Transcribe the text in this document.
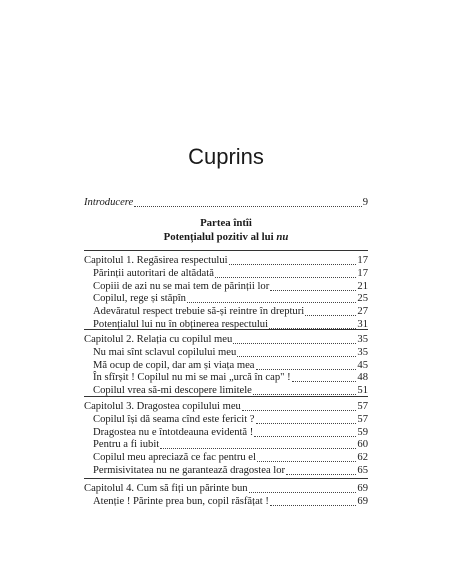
Cuprins
Introducere	9
Partea întîi
Potențialul pozitiv al lui nu
Capitolul 1. Regăsirea respectului	17
Părinții autoritari de altădată	17
Copiii de azi nu se mai tem de părinții lor	21
Copilul, rege și stăpîn	25
Adevăratul respect trebuie să-și reintre în drepturi	27
Potențialul lui nu în obținerea respectului	31
Capitolul 2. Relația cu copilul meu	35
Nu mai sînt sclavul copilului meu	35
Mă ocup de copil, dar am și viața mea	45
În sfîrșit ! Copilul nu mi se mai „urcă în cap" !	48
Copilul vrea să-mi descopere limitele	51
Capitolul 3. Dragostea copilului meu	57
Copilul își dă seama cînd este fericit ?	57
Dragostea nu e întotdeauna evidentă !	59
Pentru a fi iubit	60
Copilul meu apreciază ce fac pentru el	62
Permisivitatea nu ne garantează dragostea lor	65
Capitolul 4. Cum să fiți un părinte bun	69
Atenție ! Părinte prea bun, copil răsfățat !	69
